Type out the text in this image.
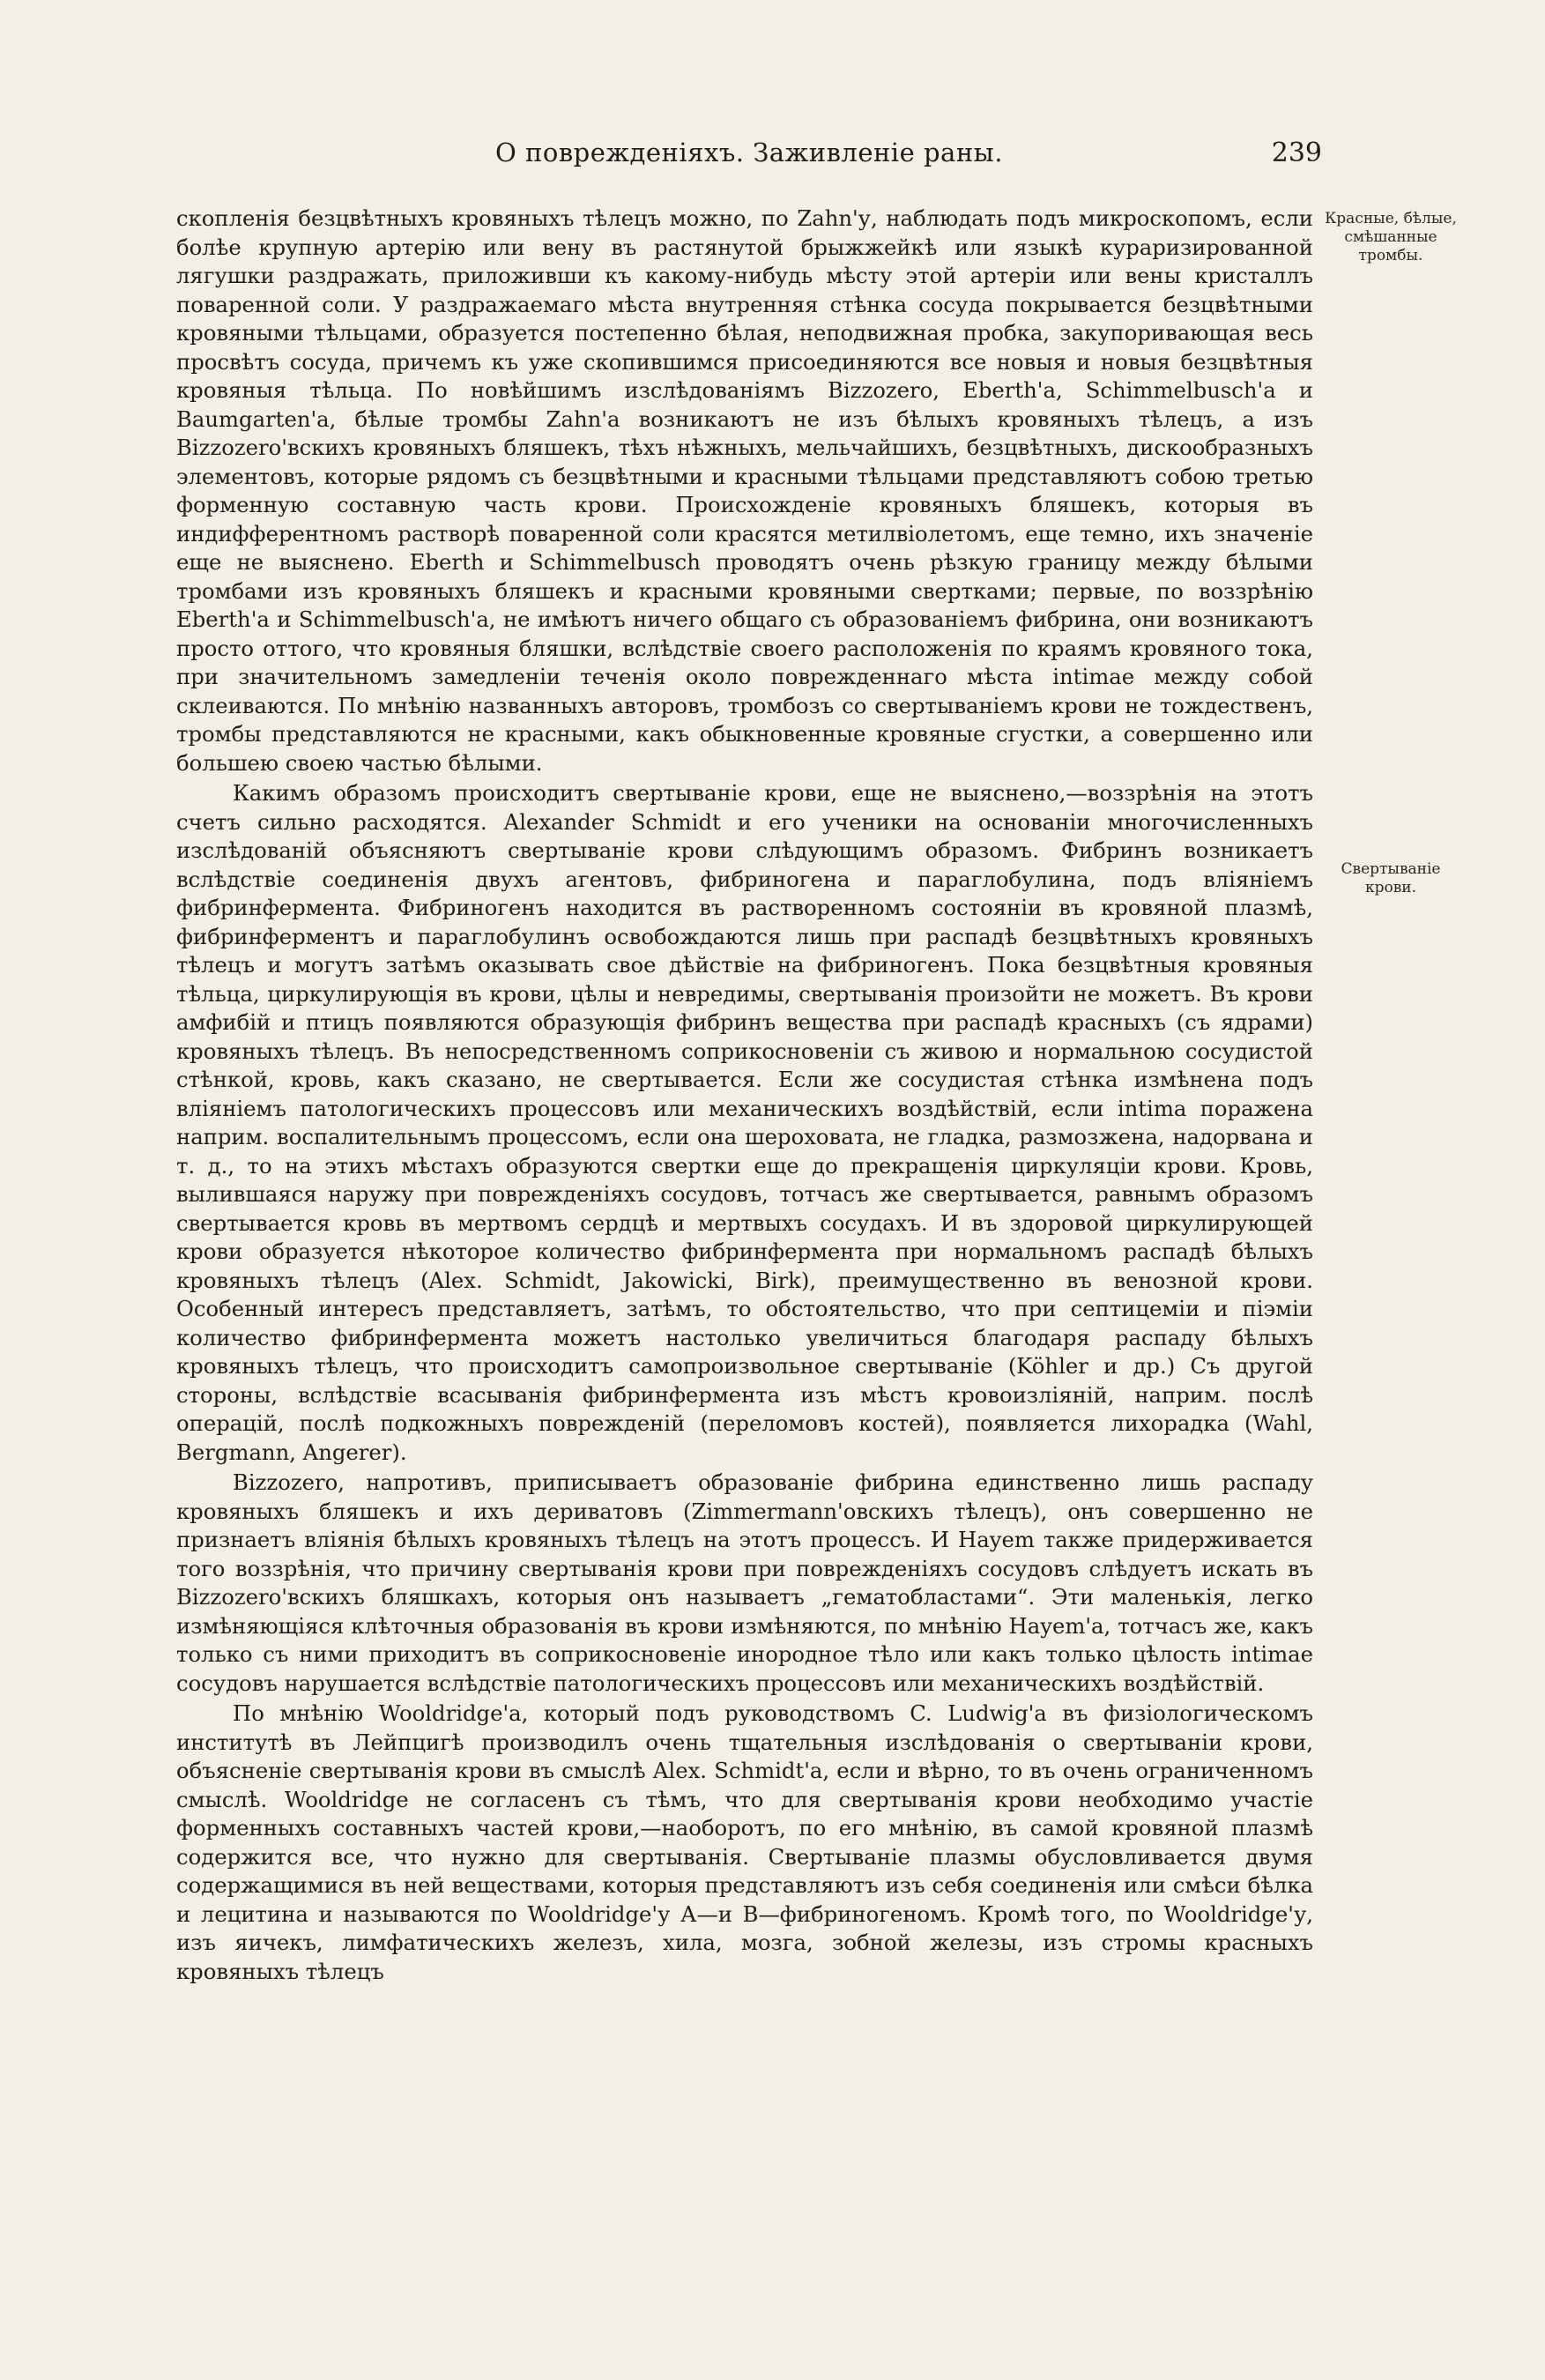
О поврежденіяхъ. Заживленіе раны.	239
Красные, бѣлые, смѣшанные тромбы.
Свертываніе крови.

скопленія безцвѣтныхъ кровяныхъ тѣлецъ можно, по Zahn'у, наблюдать подъ микроскопомъ, если болѣе крупную артерію или вену въ растянутой брыжжейкѣ или языкѣ кураризированной лягушки раздражать, приложивши къ какому-нибудь мѣсту этой артеріи или вены кристаллъ поваренной соли. У раздражаемаго мѣста внутренняя стѣнка сосуда покрывается безцвѣтными кровяными тѣльцами, образуется постепенно бѣлая, неподвижная пробка, закупоривающая весь просвѣтъ сосуда, причемъ къ уже скопившимся присоединяются все новыя и новыя безцвѣтныя кровяныя тѣльца. По новѣйшимъ изслѣдованіямъ Bizzozero, Eberth'а, Schimmelbusch'а и Baumgarten'а, бѣлые тромбы Zahn'а возникаютъ не изъ бѣлыхъ кровяныхъ тѣлецъ, а изъ Bizzozero'вскихъ кровяныхъ бляшекъ, тѣхъ нѣжныхъ, мельчайшихъ, безцвѣтныхъ, дискообразныхъ элементовъ, которые рядомъ съ безцвѣтными и красными тѣльцами представляютъ собою третью форменную составную часть крови. Происхожденіе кровяныхъ бляшекъ, которыя въ индифферентномъ растворѣ поваренной соли красятся метилвіолетомъ, еще темно, ихъ значеніе еще не выяснено. Eberth и Schimmelbusch проводятъ очень рѣзкую границу между бѣлыми тромбами изъ кровяныхъ бляшекъ и красными кровяными свертками; первые, по воззрѣнію Eberth'а и Schimmelbusch'а, не имѣютъ ничего общаго съ образованіемъ фибрина, они возникаютъ просто оттого, что кровяныя бляшки, вслѣдствіе своего расположенія по краямъ кровяного тока, при значительномъ замедленіи теченія около поврежденнаго мѣста intimae между собой склеиваются. По мнѣнію названныхъ авторовъ, тромбозъ со свертываніемъ крови не тождественъ, тромбы представляются не красными, какъ обыкновенные кровяные сгустки, а совершенно или большею своею частью бѣлыми.

Какимъ образомъ происходитъ свертываніе крови, еще не выяснено,—воззрѣнія на этотъ счетъ сильно расходятся. Alexander Schmidt и его ученики на основаніи многочисленныхъ изслѣдованій объясняютъ свертываніе крови слѣдующимъ образомъ. Фибринъ возникаетъ вслѣдствіе соединенія двухъ агентовъ, фибриногена и параглобулина, подъ вліяніемъ фибринфермента. Фибриногенъ находится въ растворенномъ состояніи въ кровяной плазмѣ, фибринферментъ и параглобулинъ освобождаются лишь при распадѣ безцвѣтныхъ кровяныхъ тѣлецъ и могутъ затѣмъ оказывать свое дѣйствіе на фибриногенъ. Пока безцвѣтныя кровяныя тѣльца, циркулирующія въ крови, цѣлы и невредимы, свертыванія произойти не можетъ. Въ крови амфибій и птицъ появляются образующія фибринъ вещества при распадѣ красныхъ (съ ядрами) кровяныхъ тѣлецъ. Въ непосредственномъ соприкосновеніи съ живою и нормальною сосудистой стѣнкой, кровь, какъ сказано, не свертывается. Если же сосудистая стѣнка измѣнена подъ вліяніемъ патологическихъ процессовъ или механическихъ воздѣйствій, если intima поражена наприм. воспалительнымъ процессомъ, если она шероховата, не гладка, размозжена, надорвана и т. д., то на этихъ мѣстахъ образуются свертки еще до прекращенія циркуляціи крови. Кровь, вылившаяся наружу при поврежденіяхъ сосудовъ, тотчасъ же свертывается, равнымъ образомъ свертывается кровь въ мертвомъ сердцѣ и мертвыхъ сосудахъ. И въ здоровой циркулирующей крови образуется нѣкоторое количество фибринфермента при нормальномъ распадѣ бѣлыхъ кровяныхъ тѣлецъ (Alex. Schmidt, Jakowicki, Birk), преимущественно въ венозной крови. Особенный интересъ представляетъ, затѣмъ, то обстоятельство, что при септицеміи и піэміи количество фибринфермента можетъ настолько увеличиться благодаря распаду бѣлыхъ кровяныхъ тѣлецъ, что происходитъ самопроизвольное свертываніе (Köhler и др.) Съ другой стороны, вслѣдствіе всасыванія фибринфермента изъ мѣстъ кровоизліяній, наприм. послѣ операцій, послѣ подкожныхъ поврежденій (переломовъ костей), появляется лихорадка (Wahl, Bergmann, Angerer).

Bizzozero, напротивъ, приписываетъ образованіе фибрина единственно лишь распаду кровяныхъ бляшекъ и ихъ дериватовъ (Zimmermann'овскихъ тѣлецъ), онъ совершенно не признаетъ вліянія бѣлыхъ кровяныхъ тѣлецъ на этотъ процессъ. И Hayem также придерживается того воззрѣнія, что причину свертыванія крови при поврежденіяхъ сосудовъ слѣдуетъ искать въ Bizzozero'вскихъ бляшкахъ, которыя онъ называетъ „гематобластами“. Эти маленькія, легко измѣняющіяся клѣточныя образованія въ крови измѣняются, по мнѣнію Hayem'а, тотчасъ же, какъ только съ ними приходитъ въ соприкосновеніе инородное тѣло или какъ только цѣлость intimae сосудовъ нарушается вслѣдствіе патологическихъ процессовъ или механическихъ воздѣйствій.

По мнѣнію Wooldridge'а, который подъ руководствомъ C. Ludwig'а въ физіологическомъ институтѣ въ Лейпцигѣ производилъ очень тщательныя изслѣдованія о свертываніи крови, объясненіе свертыванія крови въ смыслѣ Alex. Schmidt'а, если и вѣрно, то въ очень ограниченномъ смыслѣ. Wooldridge не согласенъ съ тѣмъ, что для свертыванія крови необходимо участіе форменныхъ составныхъ частей крови,—наоборотъ, по его мнѣнію, въ самой кровяной плазмѣ содержится все, что нужно для свертыванія. Свертываніе плазмы обусловливается двумя содержащимися въ ней веществами, которыя представляютъ изъ себя соединенія или смѣси бѣлка и лецитина и называются по Wooldridge'у А—и В—фибриногеномъ. Кромѣ того, по Wooldridge'у, изъ яичекъ, лимфатическихъ железъ, хила, мозга, зобной железы, изъ стромы красныхъ кровяныхъ тѣлецъ
